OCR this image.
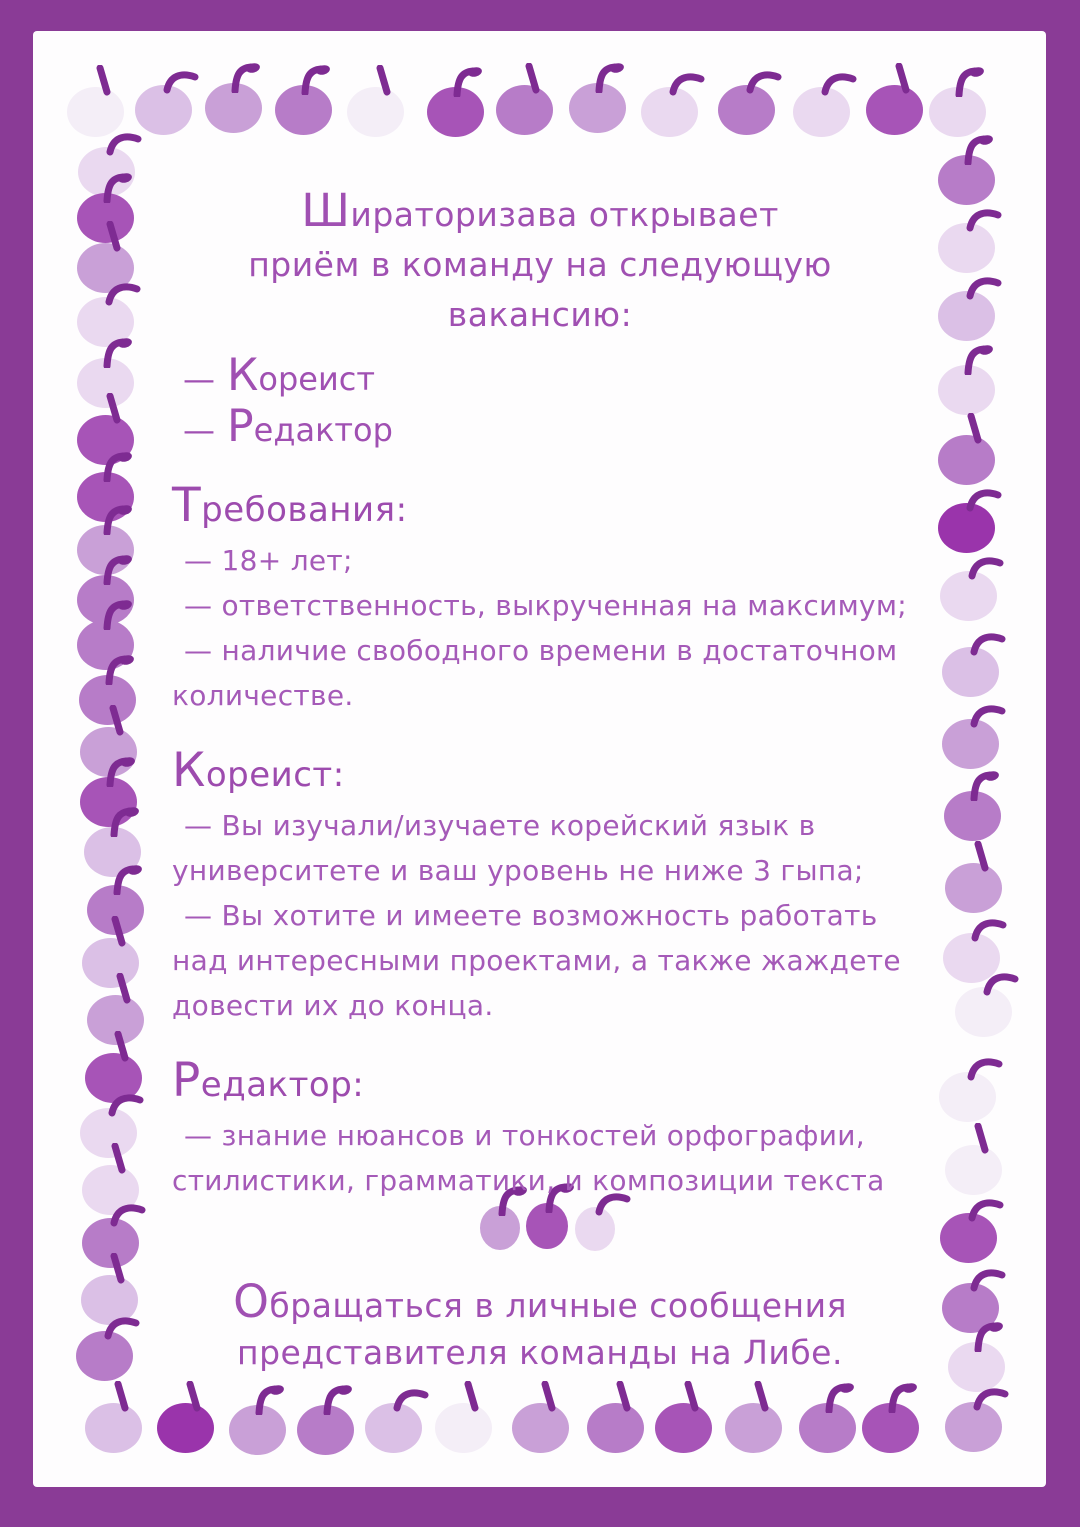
Шираторизава открывает
приём в команду на следующую
вакансию:
— Кореист
— Редактор
Требования:
— 18+ лет;
— ответственность, выкрученная на максимум;
— наличие свободного времени в достаточном
количестве.
Кореист:
— Вы изучали/изучаете корейский язык в
университете и ваш уровень не ниже 3 гыпа;
— Вы хотите и имеете возможность работать
над интересными проектами, а также жаждете
довести их до конца.
Редактор:
— знание нюансов и тонкостей орфографии,
стилистики, грамматики, и композиции текста
Обращаться в личные сообщения
представителя команды на Либе.
